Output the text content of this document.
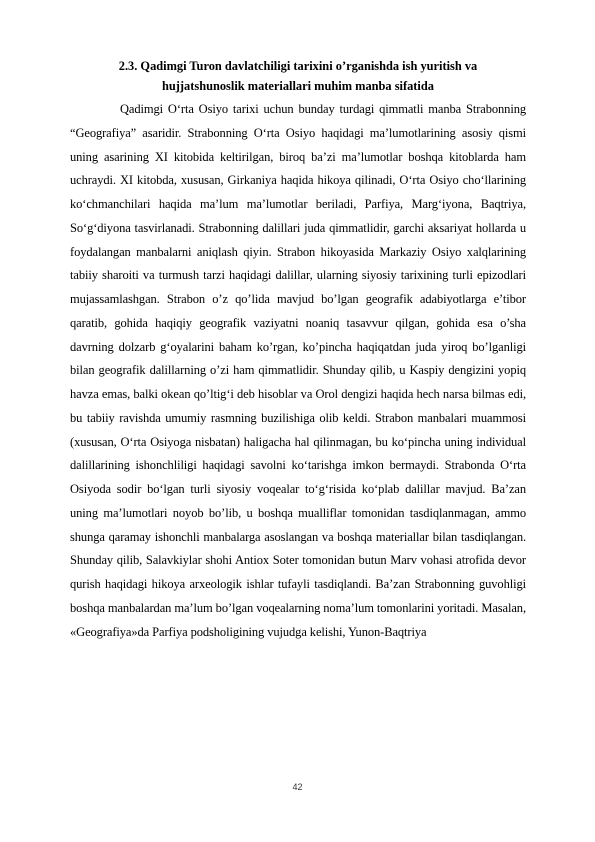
2.3. Qadimgi Turon davlatchiligi tarixini o’rganishda ish yuritish va
hujjatshunoslik materiallari muhim manba sifatida

Qadimgi O‘rta Osiyo tarixi uchun bunday turdagi qimmatli manba Strabonning “Geografiya” asaridir. Strabonning O‘rta Osiyo haqidagi ma’lumotlarining asosiy qismi uning asarining XI kitobida keltirilgan, biroq ba’zi ma’lumotlar boshqa kitoblarda ham uchraydi. XI kitobda, xususan, Girkaniya haqida hikoya qilinadi, O‘rta Osiyo cho‘llarining ko‘chmanchilari haqida ma’lum ma’lumotlar beriladi, Parfiya, Marg‘iyona, Baqtriya, So‘g‘diyona tasvirlanadi. Strabonning dalillari juda qimmatlidir, garchi aksariyat hollarda u foydalangan manbalarni aniqlash qiyin. Strabon hikoyasida Markaziy Osiyo xalqlarining tabiiy sharoiti va turmush tarzi haqidagi dalillar, ularning siyosiy tarixining turli epizodlari mujassamlashgan. Strabon o’z qo’lida mavjud bo’lgan geografik adabiyotlarga e’tibor qaratib, gohida haqiqiy geografik vaziyatni noaniq tasavvur qilgan, gohida esa o’sha davrning dolzarb g‘oyalarini baham ko’rgan, ko’pincha haqiqatdan juda yiroq bo’lganligi bilan geografik dalillarning o’zi ham qimmatlidir. Shunday qilib, u Kaspiy dengizini yopiq havza emas, balki okean qo’ltig‘i deb hisoblar va Orol dengizi haqida hech narsa bilmas edi, bu tabiiy ravishda umumiy rasmning buzilishiga olib keldi. Strabon manbalari muammosi (xususan, O‘rta Osiyoga nisbatan) haligacha hal qilinmagan, bu ko‘pincha uning individual dalillarining ishonchliligi haqidagi savolni ko‘tarishga imkon bermaydi. Strabonda O‘rta Osiyoda sodir bo‘lgan turli siyosiy voqealar to‘g‘risida ko‘plab dalillar mavjud. Ba’zan uning ma’lumotlari noyob bo’lib, u boshqa mualliflar tomonidan tasdiqlanmagan, ammo shunga qaramay ishonchli manbalarga asoslangan va boshqa materiallar bilan tasdiqlangan. Shunday qilib, Salavkiylar shohi Antiox Soter tomonidan butun Marv vohasi atrofida devor qurish haqidagi hikoya arxeologik ishlar tufayli tasdiqlandi. Ba’zan Strabonning guvohligi boshqa manbalardan ma’lum bo’lgan voqealarning noma’lum tomonlarini yoritadi. Masalan, «Geografiya»da Parfiya podsholigining vujudga kelishi, Yunon-Baqtriya

42
